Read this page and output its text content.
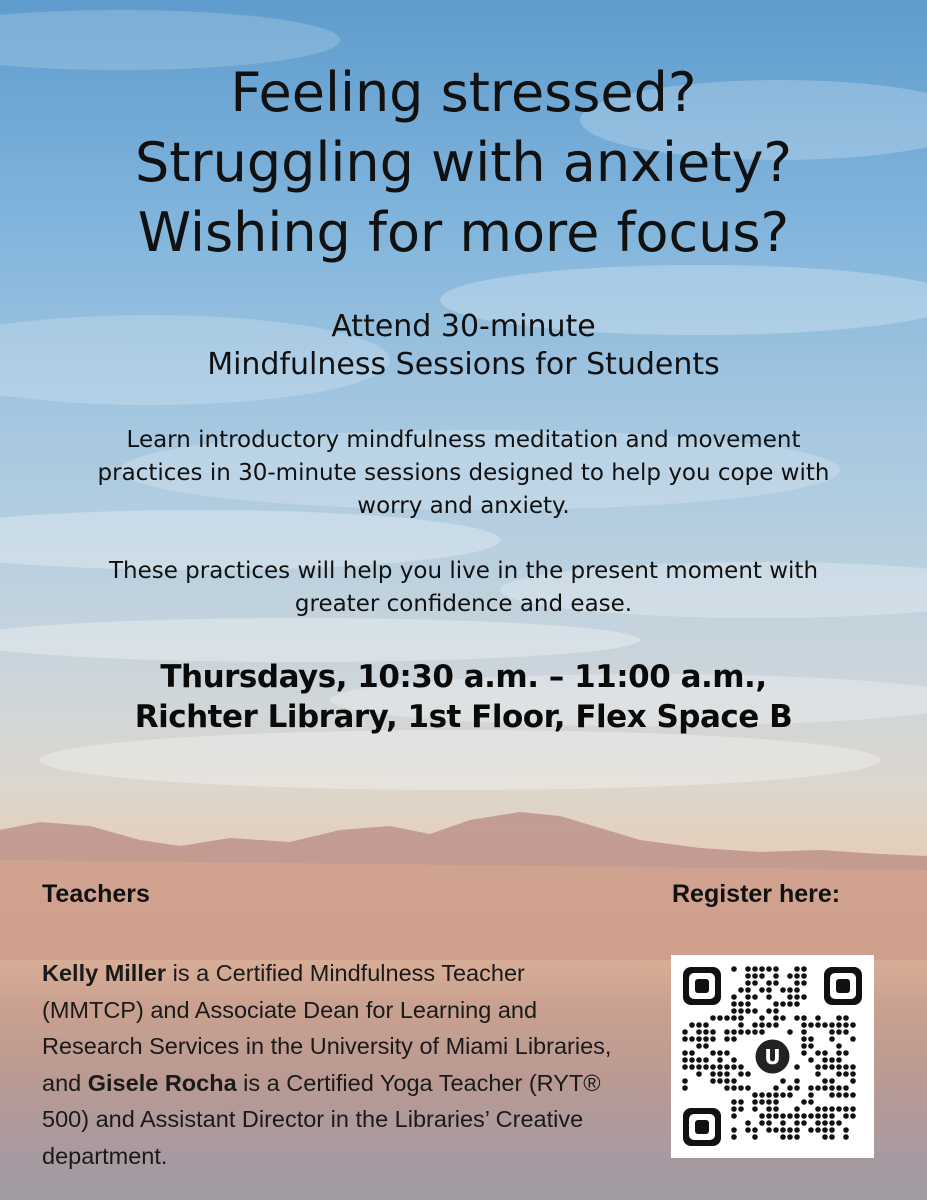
Feeling stressed?
Struggling with anxiety?
Wishing for more focus?
Attend 30-minute
Mindfulness Sessions for Students

Learn introductory mindfulness meditation and movement practices in 30-minute sessions designed to help you cope with worry and anxiety.

These practices will help you live in the present moment with greater confidence and ease.

Thursdays, 10:30 a.m. – 11:00 a.m.,
Richter Library, 1st Floor, Flex Space B
Teachers	Register here:

Kelly Miller is a Certified Mindfulness Teacher (MMTCP) and Associate Dean for Learning and Research Services in the University of Miami Libraries, and Gisele Rocha is a Certified Yoga Teacher (RYT® 500) and Assistant Director in the Libraries’ Creative department.

U
